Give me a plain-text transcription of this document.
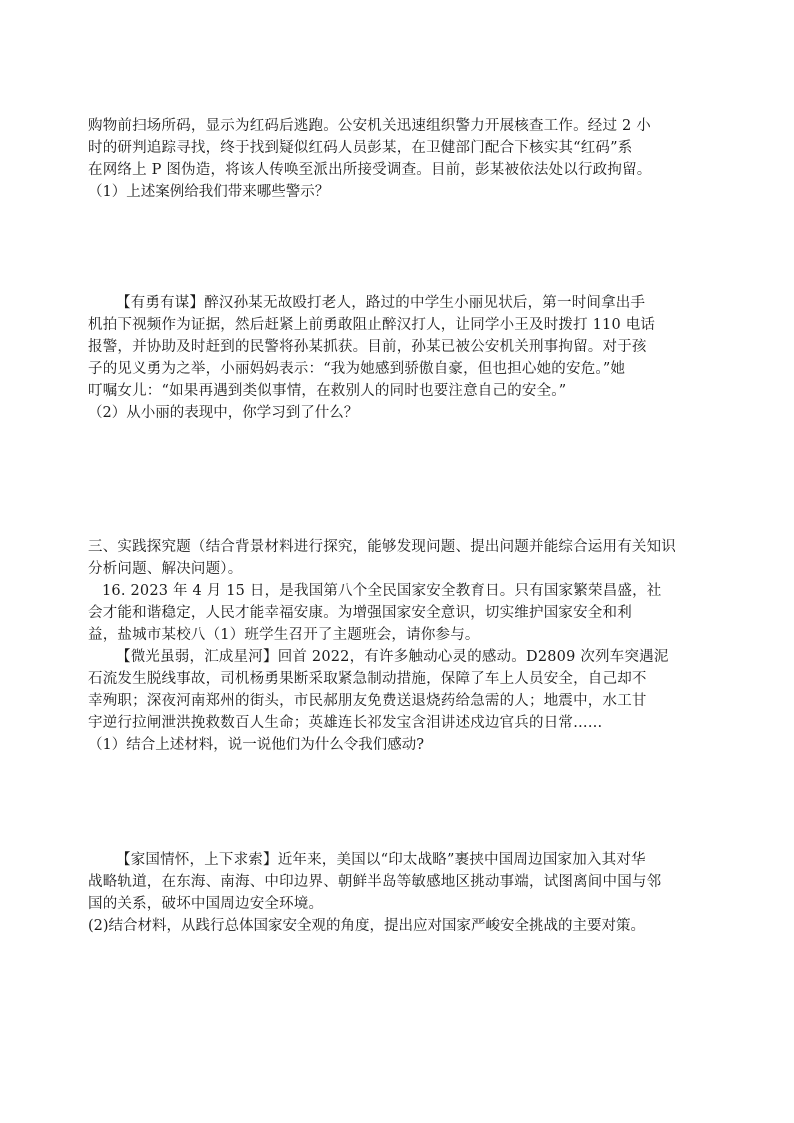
购物前扫场所码，显示为红码后逃跑。公安机关迅速组织警力开展核查工作。经过 2 小
时的研判追踪寻找，终于找到疑似红码人员彭某，在卫健部门配合下核实其“红码”系
在网络上 P 图伪造，将该人传唤至派出所接受调查。目前，彭某被依法处以行政拘留。
（1）上述案例给我们带来哪些警示？
【有勇有谋】醉汉孙某无故殴打老人，路过的中学生小丽见状后，第一时间拿出手
机拍下视频作为证据，然后赶紧上前勇敢阻止醉汉打人，让同学小王及时拨打 110 电话
报警，并协助及时赶到的民警将孙某抓获。目前，孙某已被公安机关刑事拘留。对于孩
子的见义勇为之举，小丽妈妈表示：“我为她感到骄傲自豪，但也担心她的安危。”她
叮嘱女儿：“如果再遇到类似事情，在救别人的同时也要注意自己的安全。”
（2）从小丽的表现中，你学习到了什么？
三、实践探究题（结合背景材料进行探究，能够发现问题、提出问题并能综合运用有关知识
分析问题、解决问题）。
16. 2023 年 4 月 15 日，是我国第八个全民国家安全教育日。只有国家繁荣昌盛，社
会才能和谐稳定，人民才能幸福安康。为增强国家安全意识，切实维护国家安全和利
益，盐城市某校八（1）班学生召开了主题班会，请你参与。
【微光虽弱，汇成星河】回首 2022，有许多触动心灵的感动。D2809 次列车突遇泥
石流发生脱线事故，司机杨勇果断采取紧急制动措施，保障了车上人员安全，自己却不
幸殉职；深夜河南郑州的街头，市民郝朋友免费送退烧药给急需的人；地震中，水工甘
宇逆行拉闸泄洪挽救数百人生命；英雄连长祁发宝含泪讲述戍边官兵的日常……
（1）结合上述材料，说一说他们为什么令我们感动?
【家国情怀，上下求索】近年来，美国以“印太战略”裹挟中国周边国家加入其对华
战略轨道，在东海、南海、中印边界、朝鲜半岛等敏感地区挑动事端，试图离间中国与邻
国的关系，破坏中国周边安全环境。
(2)结合材料，从践行总体国家安全观的角度，提出应对国家严峻安全挑战的主要对策。
